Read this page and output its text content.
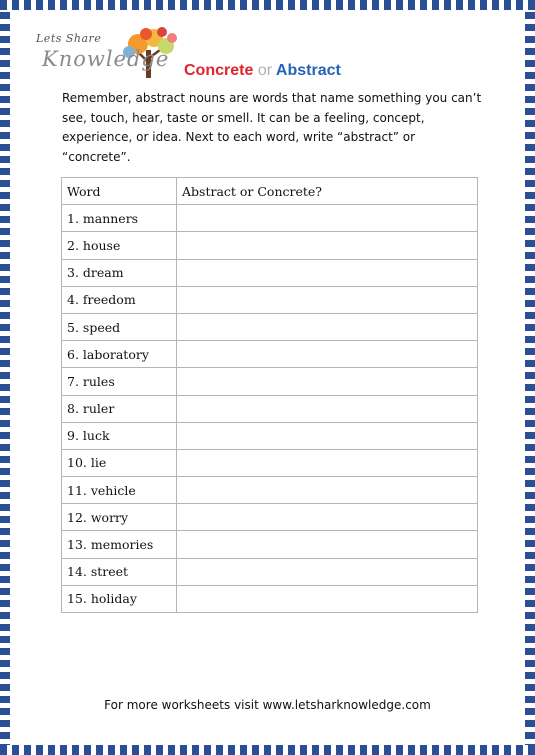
Lets Share
Knowledge Concrete or Abstract
Remember, abstract nouns are words that name something you can’t see, touch, hear, taste or smell. It can be a feeling, concept, experience, or idea. Next to each word, write “abstract” or “concrete”.
Word	Abstract or Concrete?
1. manners	
2. house	
3. dream	
4. freedom	
5. speed	
6. laboratory	
7. rules	
8. ruler	
9. luck	
10. lie	
11. vehicle	
12. worry	
13. memories	
14. street	
15. holiday	
For more worksheets visit www.letsharknowledge.com
